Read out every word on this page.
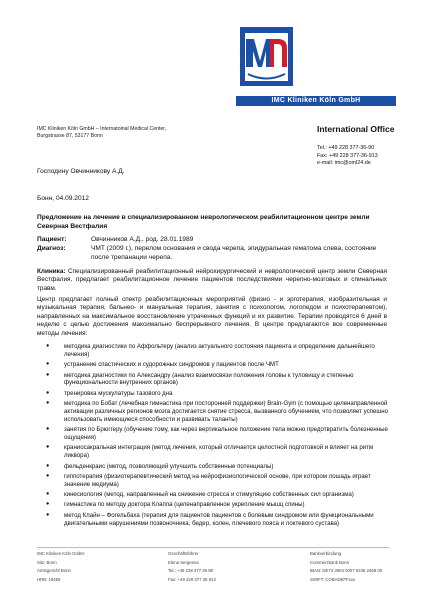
IMC Kliniken Köln GmbH
IMC Kliniken Köln GmbH – Internatoinal Medical Center,
Burgstrasse 87, 53177 Bonn
International Office
Tel.: +49 228 377-36-90
Fax: +49 228 377-36-913
e-mail: imc@oml24.de
Господину Овчинникову А.Д.
Бонн, 04.09.2012
Предложение на лечение в специализированном неврологическом реабилитационном центре земли Северная Вестфалия
Пациент:	Овчинников А.Д., род. 28.01.1989
Диагноз:	ЧМТ (2009 г.), перелом основания и свода черепа, эпидуральная гематома слева, состояние после трепанации черепа.
Клиника: Специализированный реабилитационный нейрохирургический и неврологический центр земли Северная Вестфалия, предлагает реабилитационное лечение пациентов последствиями черепно-мозговых и спинальных травм.
Центр предлагает полный спектр реабилитационных мероприятий (физио - и эрготерапия, изобразительная и музыкальная терапия, бальнео- и мануальная терапия, занятия с психологом, логопедом и психотерапевтом), направленных на максимальное восстановление утраченных функций и их развитие. Терапии проводятся 6 дней в неделю с целью достижения максимально беспрерывного лечения. В центре предлагаются все современные методы лечения:
● методика диагностики по Аффольтеру (анализ актуального состояния пациента и определение дальнейшего лечения)
● устранение спастических и судорожных синдромов у пациентов после ЧМТ
● методика диагностики по Александру (анализ взаимосвязи положения головы к туловищу и степенью функциональности внутренних органов)
● тренировка мускулатуры тазового дна
● методика по Бобат (лечебная гимнастика при посторонней поддержки) Brain-Gym (с помощью целенаправленной активации различных регионов мозга достигается снятие стресса, вызванного обучением, что позволяет успешно использовать имеющиеся способности и развивать таланты)
● занятия по Брюггеру (обучение тому, как через вертикальное положение тела можно предотвратить болезненные ощущения)
● краниосакральная интеграция (метод лечения, который отличается целостной подготовкой и влияет на ритм ликвора)
● фельденкраис (метод, позволяющий улучшить собственные потенциалы)
● гиппотерапия (физиотерапевтический метод на нейрофизиологической основе, при котором лошадь играет значение медиума)
● кинесиология (метод, направленный на снижение стресса и стимуляцию собственных сил организма)
● гимнастика по методу доктора Клаппа (целенаправленное укрепление мышц спины)
● метод Клайн – Фогельбаха (терапия для пациентов пациентов с болевым синдромом или функциональными двигательными нарушениями позвоночника, бедер, колен, плечевого пояса и локтевого сустава)
IMC Kliniken Köln GmbH
Sitz: Bonn
Amtsgericht Bonn
HRB: 19459
Geschäftsführer
Elena Sergeeva
Tel.: +49 228 377 36 90
Fax: +49 228 377 36 913
Bankverbindung
Commerzbank Bonn
IBAN: DE74 3804 0007 0245 2468 00
SWIFT: COBADEFFxxx
